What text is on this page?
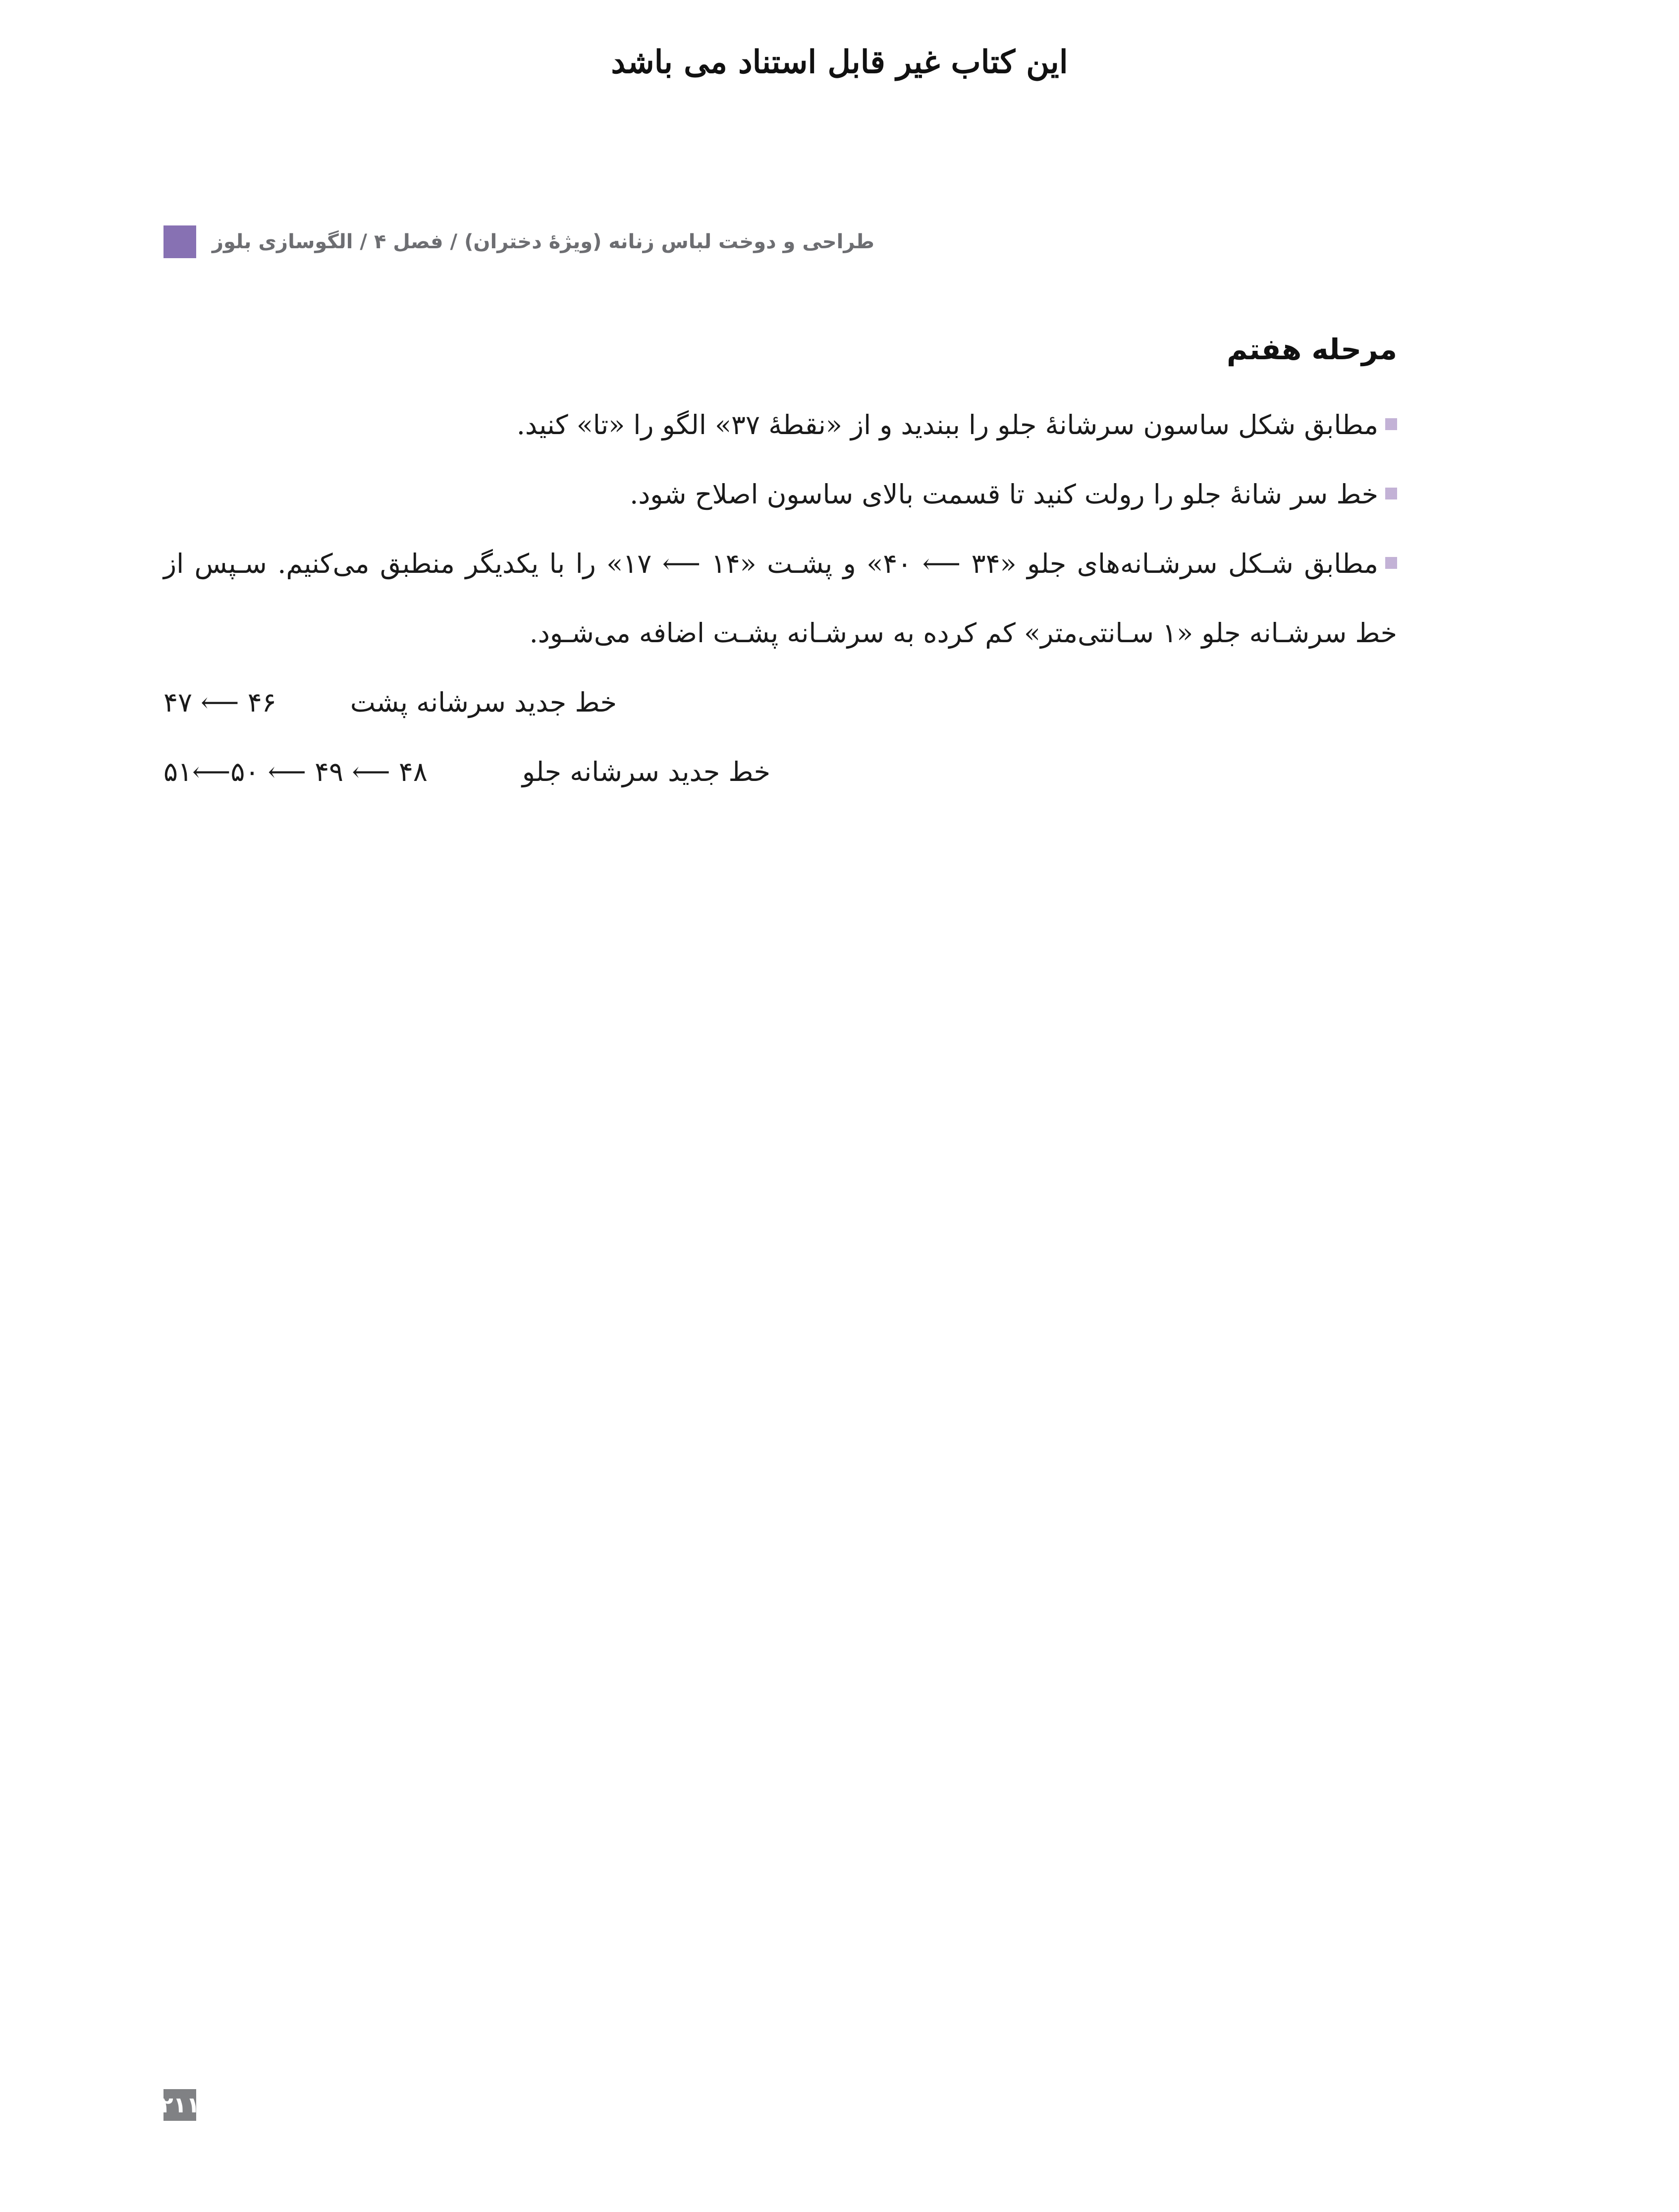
این کتاب غیر قابل استناد می باشد
طراحی و دوخت لباس زنانه (ویژهٔ دختران) / فصل ۴ / الگوسازی بلوز
مرحله هفتم

مطابق شکل ساسون سرشانهٔ جلو را ببندید و از «نقطهٔ ۳۷» الگو را «تا» کنید.

خط سر شانهٔ جلو را رولت کنید تا قسمت بالای ساسون اصلاح شود.

مطابق شـکل سرشـانه‌های جلو «۳۴ ⟵ ۴۰» و پشـت «۱۴ ⟵ ۱۷» را با یکدیگر منطبق می‌کنیم. سـپس از خط سرشـانه جلو «۱ سـانتی‌متر» کم کرده به سرشـانه پشـت اضافه می‌شـود.

خط جدید سرشانه پشت
۴۷ ⟵ ۴۶
خط جدید سرشانه جلو
۵۱⟵۵۰ ⟵ ۴۹ ⟵ ۴۸
۲۱۱
